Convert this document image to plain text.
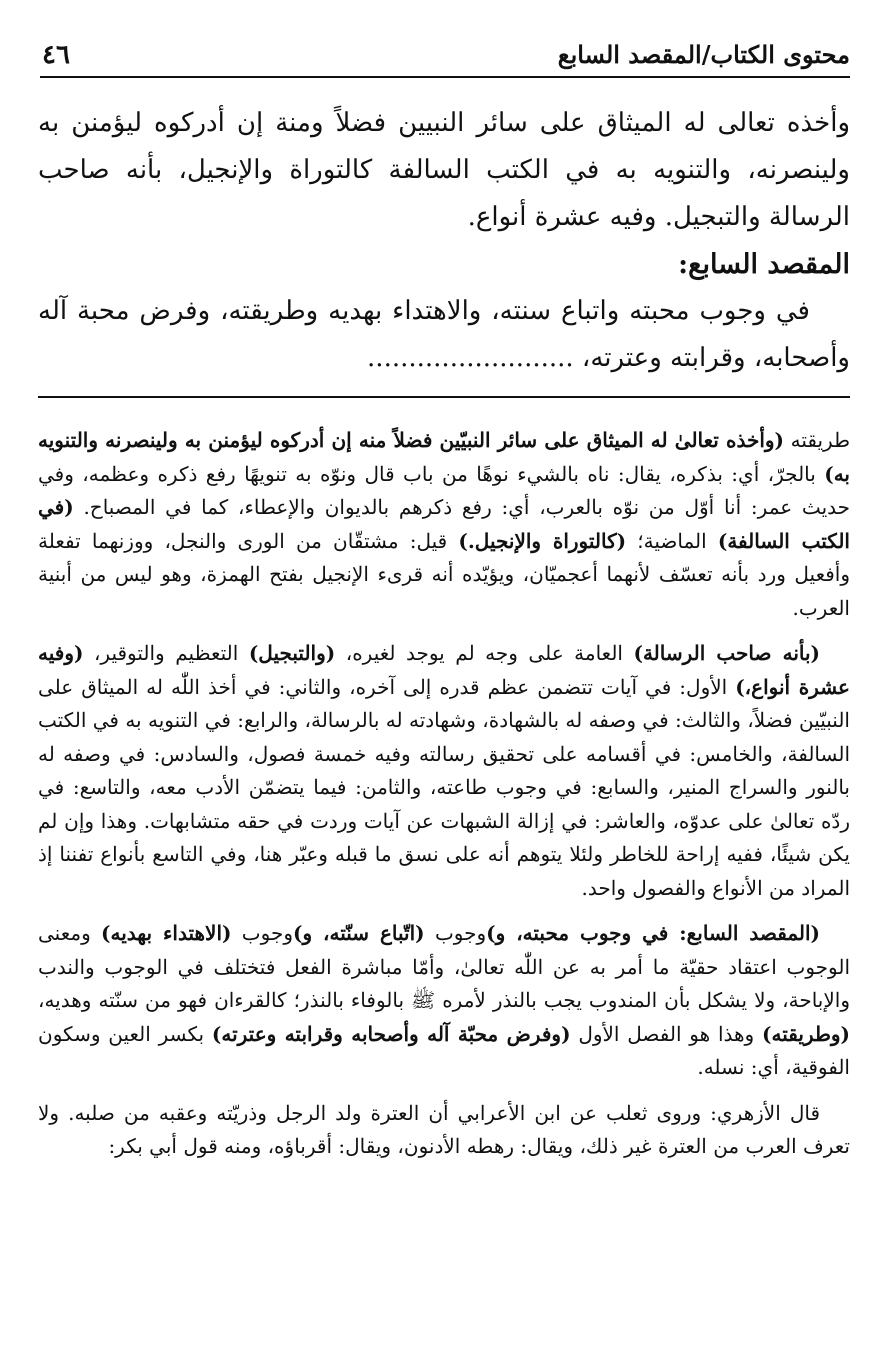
٤٦	محتوى الكتاب/المقصد السابع

وأخذه تعالى له الميثاق على سائر النبيين فضلاً ومنة إن أدركوه ليؤمنن به ولينصرنه، والتنويه به في الكتب السالفة كالتوراة والإنجيل، بأنه صاحب الرسالة والتبجيل. وفيه عشرة أنواع.

المقصد السابع:

في وجوب محبته واتباع سنته، والاهتداء بهديه وطريقته، وفرض محبة آله وأصحابه، وقرابته وعترته، .........................

طريقته (وأخذه تعالىٰ له الميثاق على سائر النبيّين فضلاً منه إن أدركوه ليؤمنن به ولينصرنه والتنويه به) بالجرّ، أي: بذكره، يقال: ناه بالشيء نوهًا من باب قال ونوّه به تنويهًا رفع ذكره وعظمه، وفي حديث عمر: أنا أوّل من نوّه بالعرب، أي: رفع ذكرهم بالديوان والإعطاء، كما في المصباح. (في الكتب السالفة) الماضية؛ (كالتوراة والإنجيل.) قيل: مشتقّان من الورى والنجل، ووزنهما تفعلة وأفعيل ورد بأنه تعسّف لأنهما أعجميّان، ويؤيّده أنه قرىء الإنجيل بفتح الهمزة، وهو ليس من أبنية العرب.

(بأنه صاحب الرسالة) العامة على وجه لم يوجد لغيره، (والتبجيل) التعظيم والتوقير، (وفيه عشرة أنواع،) الأول: في آيات تتضمن عظم قدره إلى آخره، والثاني: في أخذ اللّٰه له الميثاق على النبيّين فضلاً، والثالث: في وصفه له بالشهادة، وشهادته له بالرسالة، والرابع: في التنويه به في الكتب السالفة، والخامس: في أقسامه على تحقيق رسالته وفيه خمسة فصول، والسادس: في وصفه له بالنور والسراج المنير، والسابع: في وجوب طاعته، والثامن: فيما يتضمّن الأدب معه، والتاسع: في ردّه تعالىٰ على عدوّه، والعاشر: في إزالة الشبهات عن آيات وردت في حقه متشابهات. وهذا وإن لم يكن شيئًا، ففيه إراحة للخاطر ولئلا يتوهم أنه على نسق ما قبله وعبّر هنا، وفي التاسع بأنواع تفننا إذ المراد من الأنواع والفصول واحد.

(المقصد السابع: في وجوب محبته، و)وجوب (اتّباع سنّته، و)وجوب (الاهتداء بهديه) ومعنى الوجوب اعتقاد حقيّة ما أمر به عن اللّٰه تعالىٰ، وأمّا مباشرة الفعل فتختلف في الوجوب والندب والإباحة، ولا يشكل بأن المندوب يجب بالنذر لأمره ﷺ بالوفاء بالنذر؛ كالقرءان فهو من سنّته وهديه، (وطريقته) وهذا هو الفصل الأول (وفرض محبّة آله وأصحابه وقرابته وعترته) بكسر العين وسكون الفوقية، أي: نسله.

قال الأزهري: وروى ثعلب عن ابن الأعرابي أن العترة ولد الرجل وذريّته وعقبه من صلبه. ولا تعرف العرب من العترة غير ذلك، ويقال: رهطه الأدنون، ويقال: أقرباؤه، ومنه قول أبي بكر:
